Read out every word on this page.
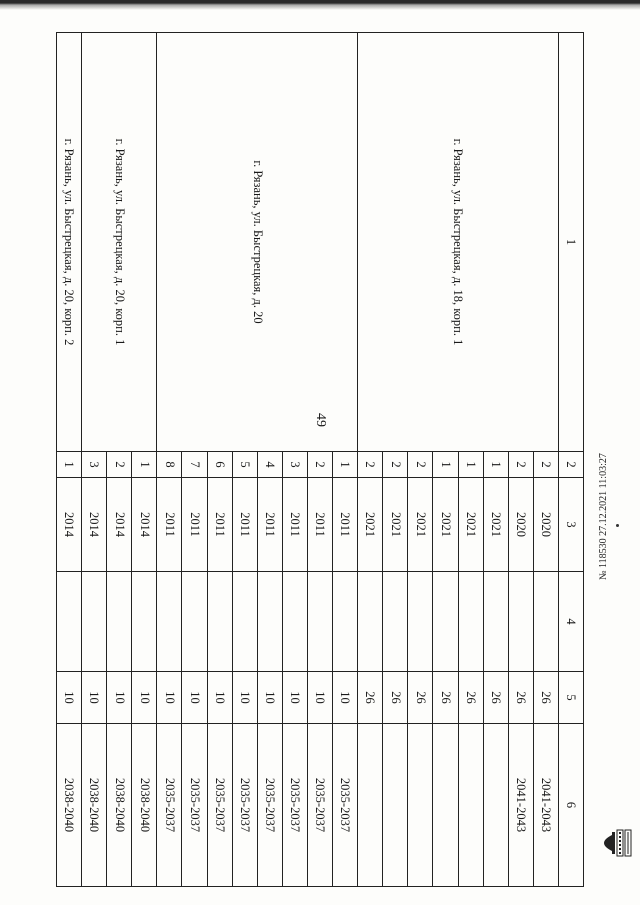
49
1	2	3	4	5	6
г. Рязань, ул. Быстрецкая, д. 18, корп. 1	2	2020		26	2041-2043
	2	2020		26	2041-2043
	1	2021		26	
	1	2021		26	
	1	2021		26	
	2	2021		26	
	2	2021		26	
	2	2021		26	
г. Рязань, ул. Быстрецкая, д. 20	1	2011		10	2035-2037
	2	2011		10	2035-2037
	3	2011		10	2035-2037
	4	2011		10	2035-2037
	5	2011		10	2035-2037
	6	2011		10	2035-2037
	7	2011		10	2035-2037
	8	2011		10	2035-2037
г. Рязань, ул. Быстрецкая, д. 20, корп. 1	1	2014		10	2038-2040
	2	2014		10	2038-2040
	3	2014		10	2038-2040
г. Рязань, ул. Быстрецкая, д. 20, корп. 2	1	2014		10	2038-2040
№ 118530 27.12.2021 11:03:27
